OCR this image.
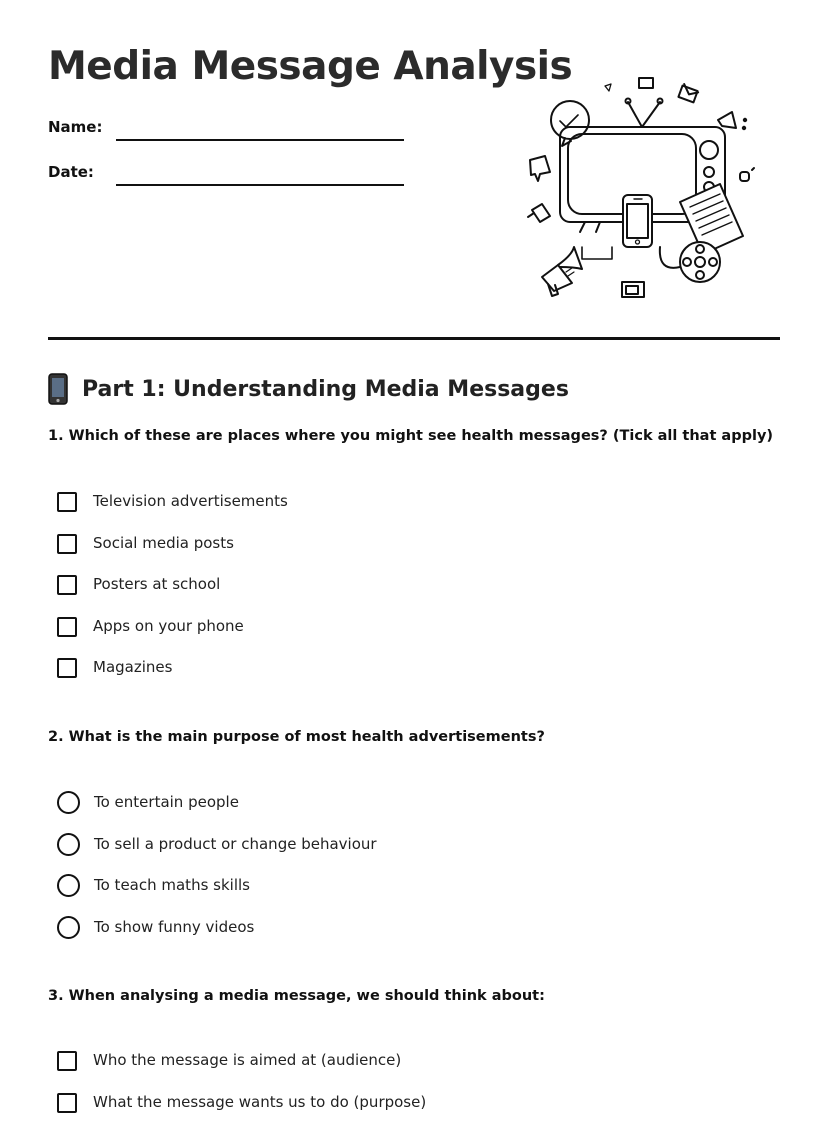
Media Message Analysis
Name:
Date:
Part 1: Understanding Media Messages
1. Which of these are places where you might see health messages? (Tick all that apply)
Television advertisements
Social media posts
Posters at school
Apps on your phone
Magazines
2. What is the main purpose of most health advertisements?
To entertain people
To sell a product or change behaviour
To teach maths skills
To show funny videos
3. When analysing a media message, we should think about:
Who the message is aimed at (audience)
What the message wants us to do (purpose)
